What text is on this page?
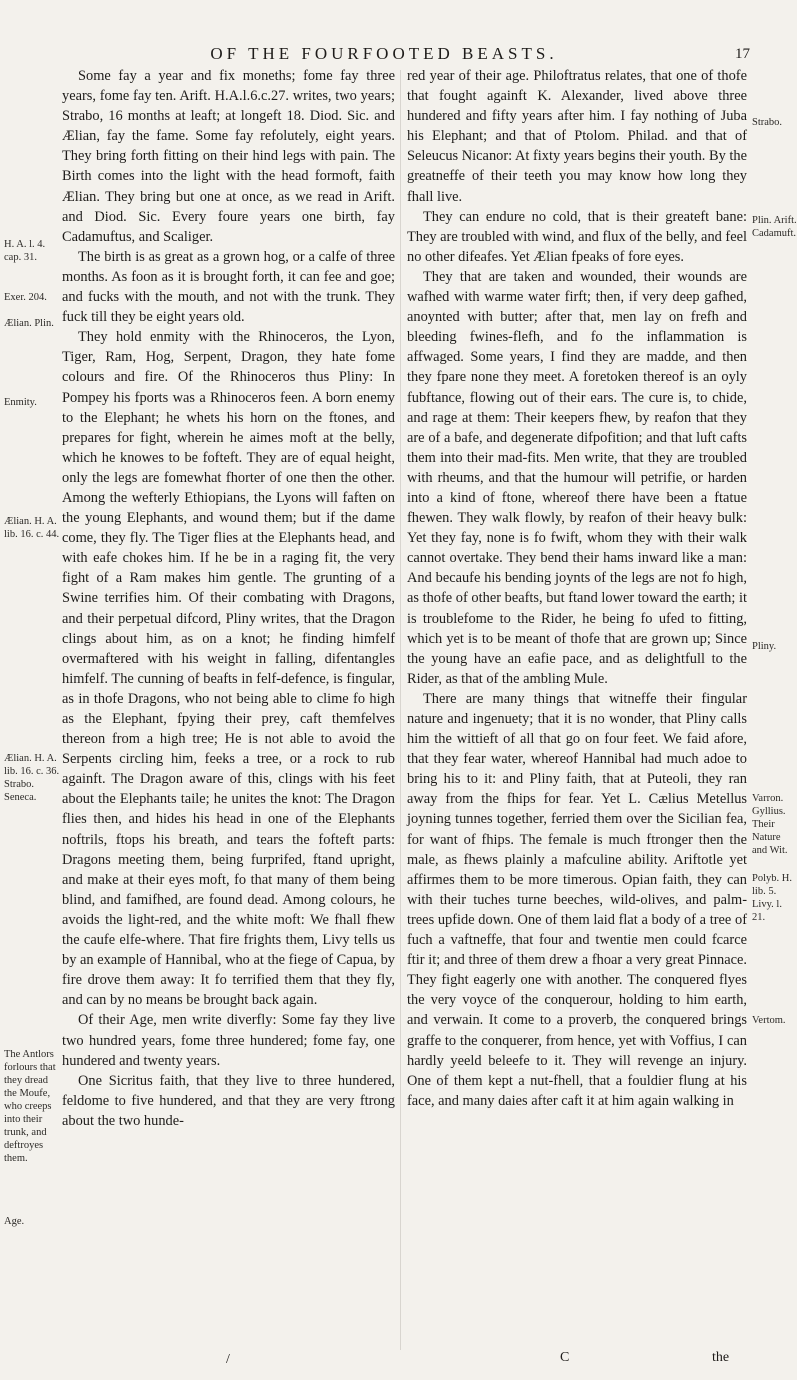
OF THE FOURFOOTED BEASTS.	17

Some fay a year and fix moneths; fome fay three years, fome fay ten. Arift. H.A.l.6.c.27. writes, two years; Strabo, 16 months at leaft; at longeft 18. Diod. Sic. and Ælian, fay the fame. Some fay refolutely, eight years. They bring forth fitting on their hind legs with pain. The Birth comes into the light with the head formoft, faith Ælian. They bring but one at once, as we read in Arift. and Diod. Sic. Every foure years one birth, fay Cadamuftus, and Scaliger.

The birth is as great as a grown hog, or a calfe of three months. As foon as it is brought forth, it can fee and goe; and fucks with the mouth, and not with the trunk. They fuck till they be eight years old.

They hold enmity with the Rhinoceros, the Lyon, Tiger, Ram, Hog, Serpent, Dragon, they hate fome colours and fire. Of the Rhinoceros thus Pliny: In Pompey his fports was a Rhinoceros feen. A born enemy to the Elephant; he whets his horn on the ftones, and prepares for fight, wherein he aimes moft at the belly, which he knowes to be fofteft. They are of equal height, only the legs are fomewhat fhorter of one then the other. Among the wefterly Ethiopians, the Lyons will faften on the young Elephants, and wound them; but if the dame come, they fly. The Tiger flies at the Elephants head, and with eafe chokes him. If he be in a raging fit, the very fight of a Ram makes him gentle. The grunting of a Swine terrifies him. Of their combating with Dragons, and their perpetual difcord, Pliny writes, that the Dragon clings about him, as on a knot; he finding himfelf overmaftered with his weight in falling, difentangles himfelf. The cunning of beafts in felf-defence, is fingular, as in thofe Dragons, who not being able to clime fo high as the Elephant, fpying their prey, caft themfelves thereon from a high tree; He is not able to avoid the Serpents circling him, feeks a tree, or a rock to rub againft. The Dragon aware of this, clings with his feet about the Elephants taile; he unites the knot: The Dragon flies then, and hides his head in one of the Elephants noftrils, ftops his breath, and tears the fofteft parts: Dragons meeting them, being furprifed, ftand upright, and make at their eyes moft, fo that many of them being blind, and famifhed, are found dead. Among colours, he avoids the light-red, and the white moft: We fhall fhew the caufe elfe-where. That fire frights them, Livy tells us by an example of Hannibal, who at the fiege of Capua, by fire drove them away: It fo terrified them that they fly, and can by no means be brought back again.

Of their Age, men write diverfly: Some fay they live two hundred years, fome three hundered; fome fay, one hundered and twenty years.

One Sicritus faith, that they live to three hundered, feldome to five hundered, and that they are very ftrong about the two hunde-

red year of their age. Philoftratus relates, that one of thofe that fought againft K. Alexander, lived above three hundered and fifty years after him. I fay nothing of Juba his Elephant; and that of Ptolom. Philad. and that of Seleucus Nicanor: At fixty years begins their youth. By the greatneffe of their teeth you may know how long they fhall live.

They can endure no cold, that is their greateft bane: They are troubled with wind, and flux of the belly, and feel no other difeafes. Yet Ælian fpeaks of fore eyes.

They that are taken and wounded, their wounds are wafhed with warme water firft; then, if very deep gafhed, anoynted with butter; after that, men lay on frefh and bleeding fwines-flefh, and fo the inflammation is affwaged. Some years, I find they are madde, and then they fpare none they meet. A foretoken thereof is an oyly fubftance, flowing out of their ears. The cure is, to chide, and rage at them: Their keepers fhew, by reafon that they are of a bafe, and degenerate difpofition; and that luft cafts them into their mad-fits. Men write, that they are troubled with rheums, and that the humour will petrifie, or harden into a kind of ftone, whereof there have been a ftatue fhewen. They walk flowly, by reafon of their heavy bulk: Yet they fay, none is fo fwift, whom they with their walk cannot overtake. They bend their hams inward like a man: And becaufe his bending joynts of the legs are not fo high, as thofe of other beafts, but ftand lower toward the earth; it is troublefome to the Rider, he being fo ufed to fitting, which yet is to be meant of thofe that are grown up; Since the young have an eafie pace, and as delightfull to the Rider, as that of the ambling Mule.

There are many things that witneffe their fingular nature and ingenuety; that it is no wonder, that Pliny calls him the wittieft of all that go on four feet. We faid afore, that they fear water, whereof Hannibal had much adoe to bring his to it: and Pliny faith, that at Puteoli, they ran away from the fhips for fear. Yet L. Cælius Metellus joyning tunnes together, ferried them over the Sicilian fea, for want of fhips. The female is much ftronger then the male, as fhews plainly a mafculine ability. Ariftotle yet affirmes them to be more timerous. Opian faith, they can with their tuches turne beeches, wild-olives, and palm-trees upfide down. One of them laid flat a body of a tree of fuch a vaftneffe, that four and twentie men could fcarce ftir it; and three of them drew a fhoar a very great Pinnace. They fight eagerly one with another. The conquered flyes the very voyce of the conquerour, holding to him earth, and verwain. It come to a proverb, the conquered brings graffe to the conquerer, from hence, yet with Voffius, I can hardly yeeld beleefe to it. They will revenge an injury. One of them kept a nut-fhell, that a fouldier flung at his face, and many daies after caft it at him again walking in

H. A. l. 4. cap. 31.
Exer. 204.
Ælian. Plin.
Enmity.
Ælian. H. A. lib. 16. c. 44.
Ælian. H. A. lib. 16. c. 36. Strabo. Seneca.
The Antlors forlours that they dread the Moufe, who creeps into their trunk, and deftroyes them.
Age.
Strabo.
Plin. Arift. Cadamuft.
Pliny.
Varron. Gyllius. Their Nature and Wit.
Polyb. H. lib. 5. Livy. l. 21.
Vertom.
C	the
/
